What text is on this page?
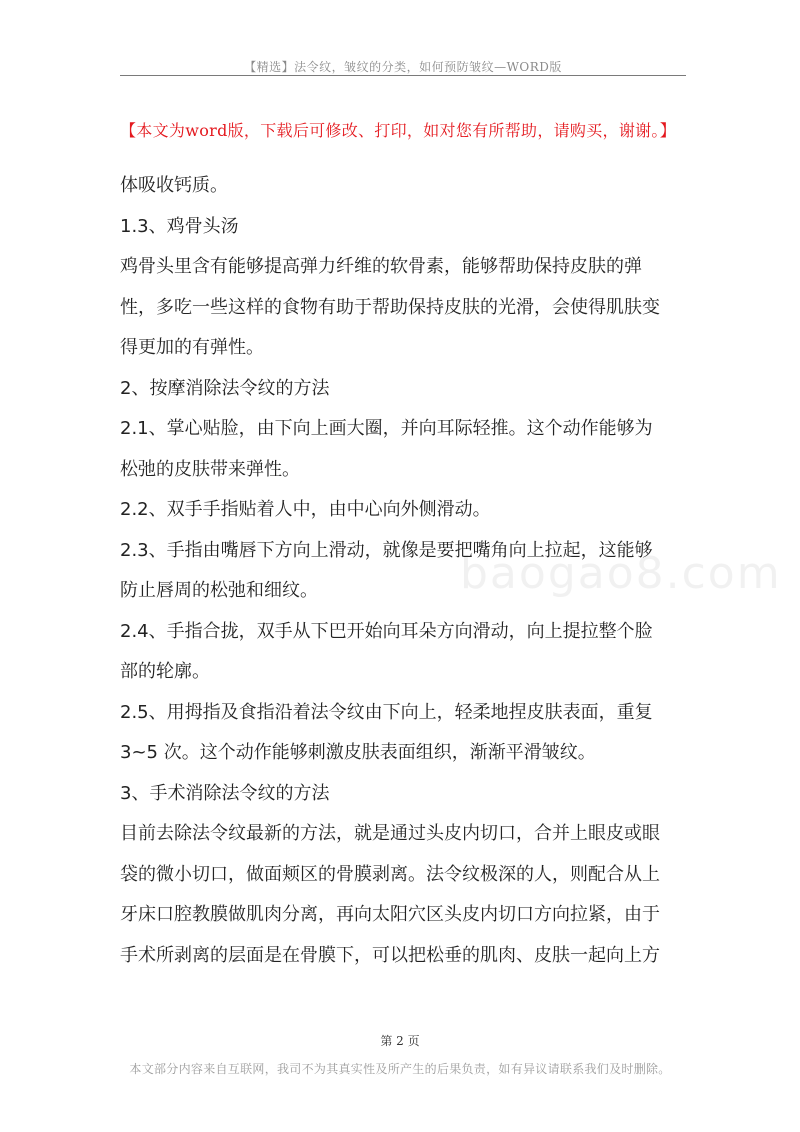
【精选】法令纹，皱纹的分类，如何预防皱纹—WORD版
【本文为word版，下载后可修改、打印，如对您有所帮助，请购买，谢谢。】
baogao8.com

体吸收钙质。

1.3、鸡骨头汤

鸡骨头里含有能够提高弹力纤维的软骨素，能够帮助保持皮肤的弹

性，多吃一些这样的食物有助于帮助保持皮肤的光滑，会使得肌肤变

得更加的有弹性。

2、按摩消除法令纹的方法

2.1、掌心贴脸，由下向上画大圈，并向耳际轻推。这个动作能够为

松弛的皮肤带来弹性。

2.2、双手手指贴着人中，由中心向外侧滑动。

2.3、手指由嘴唇下方向上滑动，就像是要把嘴角向上拉起，这能够

防止唇周的松弛和细纹。

2.4、手指合拢，双手从下巴开始向耳朵方向滑动，向上提拉整个脸

部的轮廓。

2.5、用拇指及食指沿着法令纹由下向上，轻柔地捏皮肤表面，重复

3~5 次。这个动作能够刺激皮肤表面组织，渐渐平滑皱纹。

3、手术消除法令纹的方法

目前去除法令纹最新的方法，就是通过头皮内切口，合并上眼皮或眼

袋的微小切口，做面颊区的骨膜剥离。法令纹极深的人，则配合从上

牙床口腔教膜做肌肉分离，再向太阳穴区头皮内切口方向拉紧，由于

手术所剥离的层面是在骨膜下，可以把松垂的肌肉、皮肤一起向上方

第 2 页
本文部分内容来自互联网，我司不为其真实性及所产生的后果负责，如有异议请联系我们及时删除。
